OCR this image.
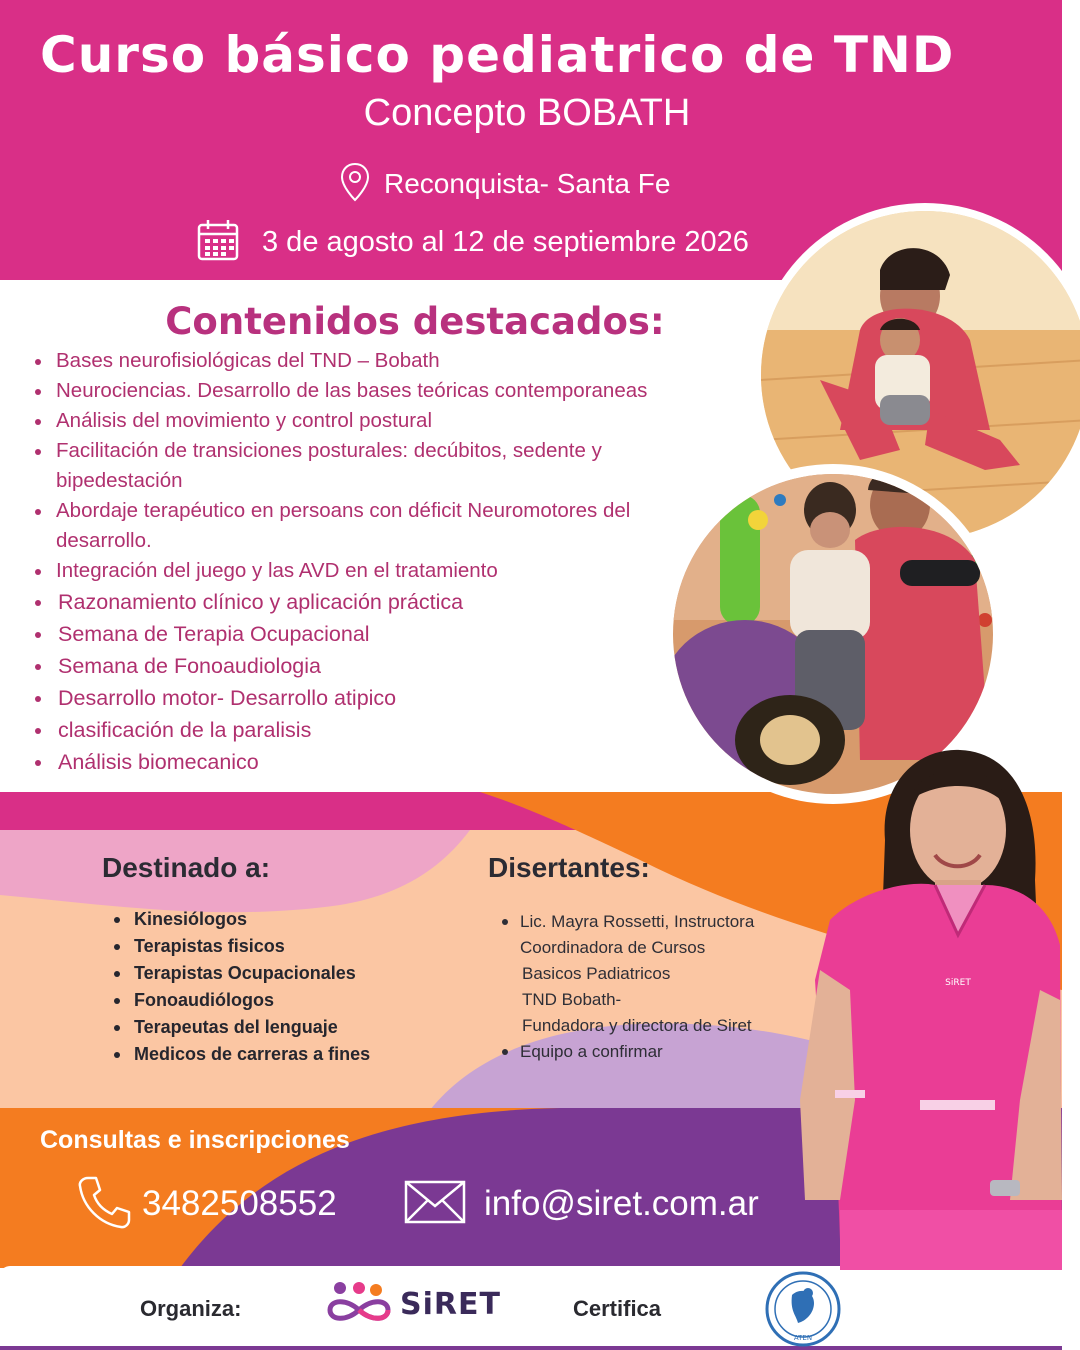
SiRET
Curso básico pediatrico de TND
Concepto BOBATH
Reconquista- Santa Fe
3 de agosto al 12 de septiembre 2026
Contenidos destacados:
Bases neurofisiológicas del TND – Bobath
Neurociencias. Desarrollo de las bases teóricas contemporaneas
Análisis del movimiento y control postural
Facilitación de transiciones posturales: decúbitos, sedente y bipedestación
Abordaje terapéutico en persoans con déficit Neuromotores del desarrollo.
Integración del juego y las AVD en el tratamiento
Razonamiento clínico y aplicación práctica
Semana de Terapia Ocupacional
Semana de Fonoaudiologia
Desarrollo motor- Desarrollo atipico
clasificación de la paralisis
Análisis biomecanico
Destinado a:
Kinesiólogos
Terapistas fisicos
Terapistas Ocupacionales
Fonoaudiólogos
Terapeutas del lenguaje
Medicos de carreras a fines
Disertantes:
Lic. Mayra Rossetti, Instructora
Coordinadora de Cursos
Basicos Padiatricos
TND Bobath-
Fundadora y directora de Siret
Equipo a confirmar
Consultas e inscripciones
3482508552	info@siret.com.ar
Organiza:	SiRET	Certifica
ATEN
